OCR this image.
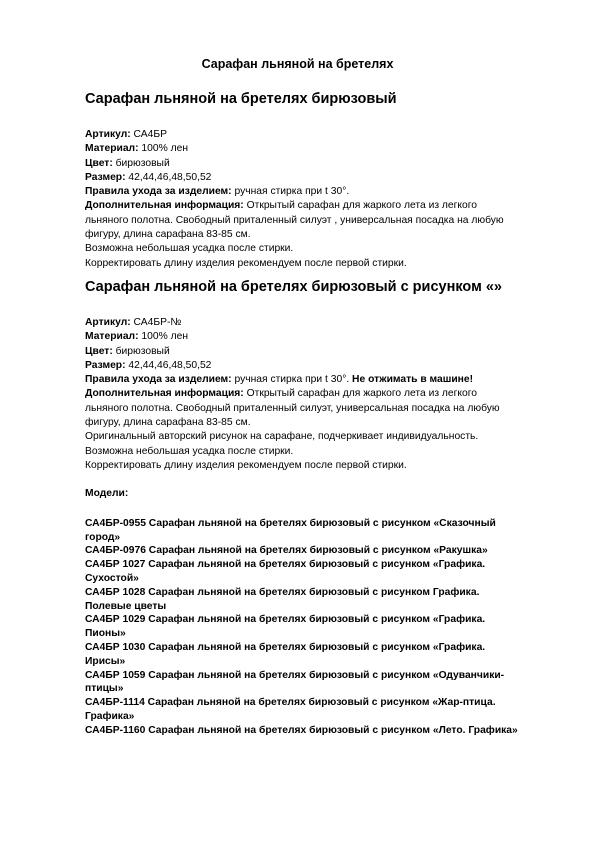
Сарафан льняной на бретелях
Сарафан льняной на бретелях бирюзовый
Артикул: СА4БР
Материал: 100% лен
Цвет: бирюзовый
Размер: 42,44,46,48,50,52
Правила ухода за изделием: ручная стирка при t 30°.
Дополнительная информация: Открытый сарафан для жаркого лета из легкого
льняного полотна. Свободный приталенный силуэт , универсальная посадка на любую
фигуру, длина сарафана 83-85 см.
Возможна небольшая усадка после стирки.
Корректировать длину изделия рекомендуем после первой стирки.
Сарафан льняной на бретелях бирюзовый с рисунком «»
Артикул: СА4БР-№
Материал: 100% лен
Цвет: бирюзовый
Размер: 42,44,46,48,50,52
Правила ухода за изделием: ручная стирка при t 30°. Не отжимать в машине!
Дополнительная информация: Открытый сарафан для жаркого лета из легкого
льняного полотна. Свободный приталенный силуэт, универсальная посадка на любую
фигуру, длина сарафана 83-85 см.
Оригинальный авторский рисунок на сарафане, подчеркивает индивидуальность.
Возможна небольшая усадка после стирки.
Корректировать длину изделия рекомендуем после первой стирки.
Модели:
СА4БР-0955 Сарафан льняной на бретелях бирюзовый с рисунком «Сказочный
город»
СА4БР-0976 Сарафан льняной на бретелях бирюзовый с рисунком «Ракушка»
СА4БР 1027 Сарафан льняной на бретелях бирюзовый с рисунком «Графика.
Сухостой»
СА4БР 1028 Сарафан льняной на бретелях бирюзовый с рисунком Графика.
Полевые цветы
СА4БР 1029 Сарафан льняной на бретелях бирюзовый с рисунком «Графика.
Пионы»
СА4БР 1030 Сарафан льняной на бретелях бирюзовый с рисунком «Графика.
Ирисы»
СА4БР 1059 Сарафан льняной на бретелях бирюзовый с рисунком «Одуванчики-
птицы»
СА4БР-1114 Сарафан льняной на бретелях бирюзовый с рисунком «Жар-птица.
Графика»
СА4БР-1160 Сарафан льняной на бретелях бирюзовый с рисунком «Лето. Графика»
